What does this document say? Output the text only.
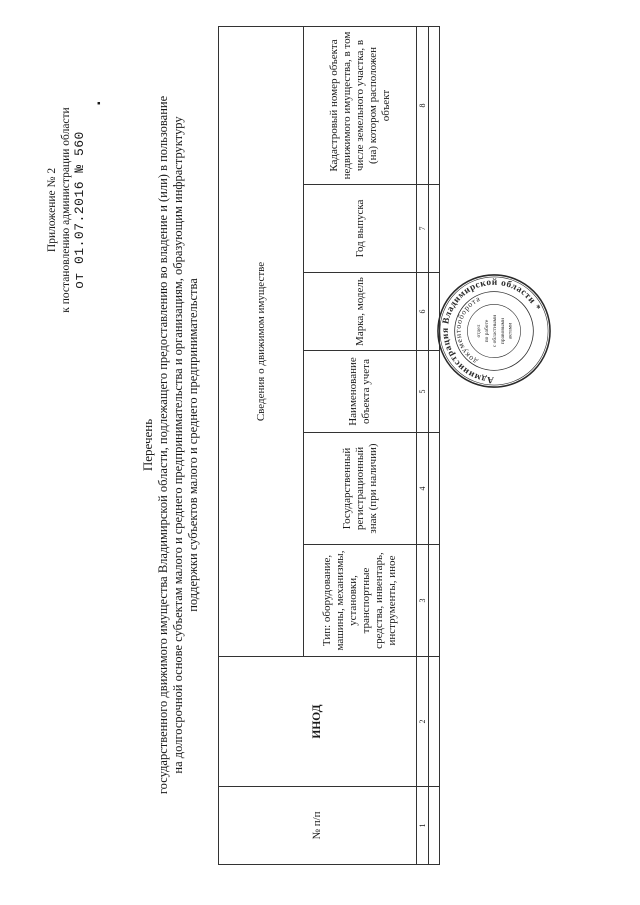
Приложение № 2 к постановлению администрации области от 01.07.2016 № 560
▪
Перечень государственного движимого имущества Владимирской области, подлежащего предоставлению во владение и (или) в пользование на долгосрочной основе субъектам малого и среднего предпринимательства и организациям, образующим инфраструктуру поддержки субъектов малого и среднего предпринимательства
№ п/п	ИНОД	Сведения о движимом имуществе					
		Тип: оборудование, машины, механизмы, установки, транспортные средства, инвентарь, инструменты, иное	Государственный регистрационный знак (при наличии)	Наименование объекта учета	Марка, модель	Год выпуска	Кадастровый номер объекта недвижимого имущества, в том числе земельного участка, в (на) котором расположен объект
1	2	3	4	5	6	7	8

Администрация Владимирской области *
документооборота
отдел по работе с областными правовыми актами
